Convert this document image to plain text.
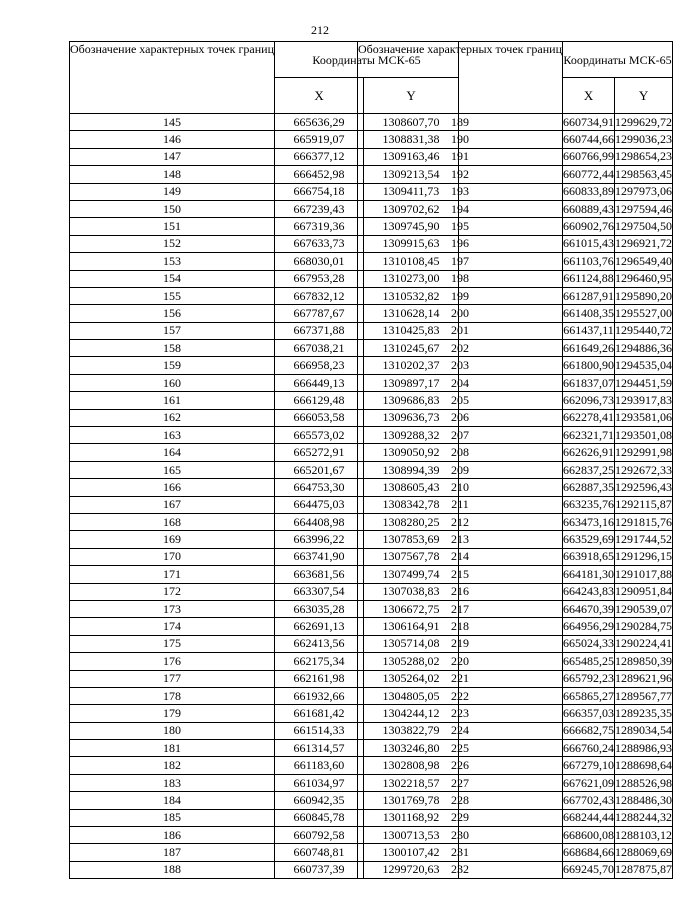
212
Обозначение характерных точек границ	Координаты МСК-65	
	X	Y
145	665636,29	1308607,70
146	665919,07	1308831,38
147	666377,12	1309163,46
148	666452,98	1309213,54
149	666754,18	1309411,73
150	667239,43	1309702,62
151	667319,36	1309745,90
152	667633,73	1309915,63
153	668030,01	1310108,45
154	667953,28	1310273,00
155	667832,12	1310532,82
156	667787,67	1310628,14
157	667371,88	1310425,83
158	667038,21	1310245,67
159	666958,23	1310202,37
160	666449,13	1309897,17
161	666129,48	1309686,83
162	666053,58	1309636,73
163	665573,02	1309288,32
164	665272,91	1309050,92
165	665201,67	1308994,39
166	664753,30	1308605,43
167	664475,03	1308342,78
168	664408,98	1308280,25
169	663996,22	1307853,69
170	663741,90	1307567,78
171	663681,56	1307499,74
172	663307,54	1307038,83
173	663035,28	1306672,75
174	662691,13	1306164,91
175	662413,56	1305714,08
176	662175,34	1305288,02
177	662161,98	1305264,02
178	661932,66	1304805,05
179	661681,42	1304244,12
180	661514,33	1303822,79
181	661314,57	1303246,80
182	661183,60	1302808,98
183	661034,97	1302218,57
184	660942,35	1301769,78
185	660845,78	1301168,92
186	660792,58	1300713,53
187	660748,81	1300107,42
188	660737,39	1299720,63
Обозначение характерных точек границ	Координаты МСК-65	
	X	Y
189	660734,91	1299629,72
190	660744,66	1299036,23
191	660766,99	1298654,23
192	660772,44	1298563,45
193	660833,89	1297973,06
194	660889,43	1297594,46
195	660902,76	1297504,50
196	661015,43	1296921,72
197	661103,76	1296549,40
198	661124,88	1296460,95
199	661287,91	1295890,20
200	661408,35	1295527,00
201	661437,11	1295440,72
202	661649,26	1294886,36
203	661800,90	1294535,04
204	661837,07	1294451,59
205	662096,73	1293917,83
206	662278,41	1293581,06
207	662321,71	1293501,08
208	662626,91	1292991,98
209	662837,25	1292672,33
210	662887,35	1292596,43
211	663235,76	1292115,87
212	663473,16	1291815,76
213	663529,69	1291744,52
214	663918,65	1291296,15
215	664181,30	1291017,88
216	664243,83	1290951,84
217	664670,39	1290539,07
218	664956,29	1290284,75
219	665024,33	1290224,41
220	665485,25	1289850,39
221	665792,23	1289621,96
222	665865,27	1289567,77
223	666357,03	1289235,35
224	666682,75	1289034,54
225	666760,24	1288986,93
226	667279,10	1288698,64
227	667621,09	1288526,98
228	667702,43	1288486,30
229	668244,44	1288244,32
230	668600,08	1288103,12
231	668684,66	1288069,69
232	669245,70	1287875,87
